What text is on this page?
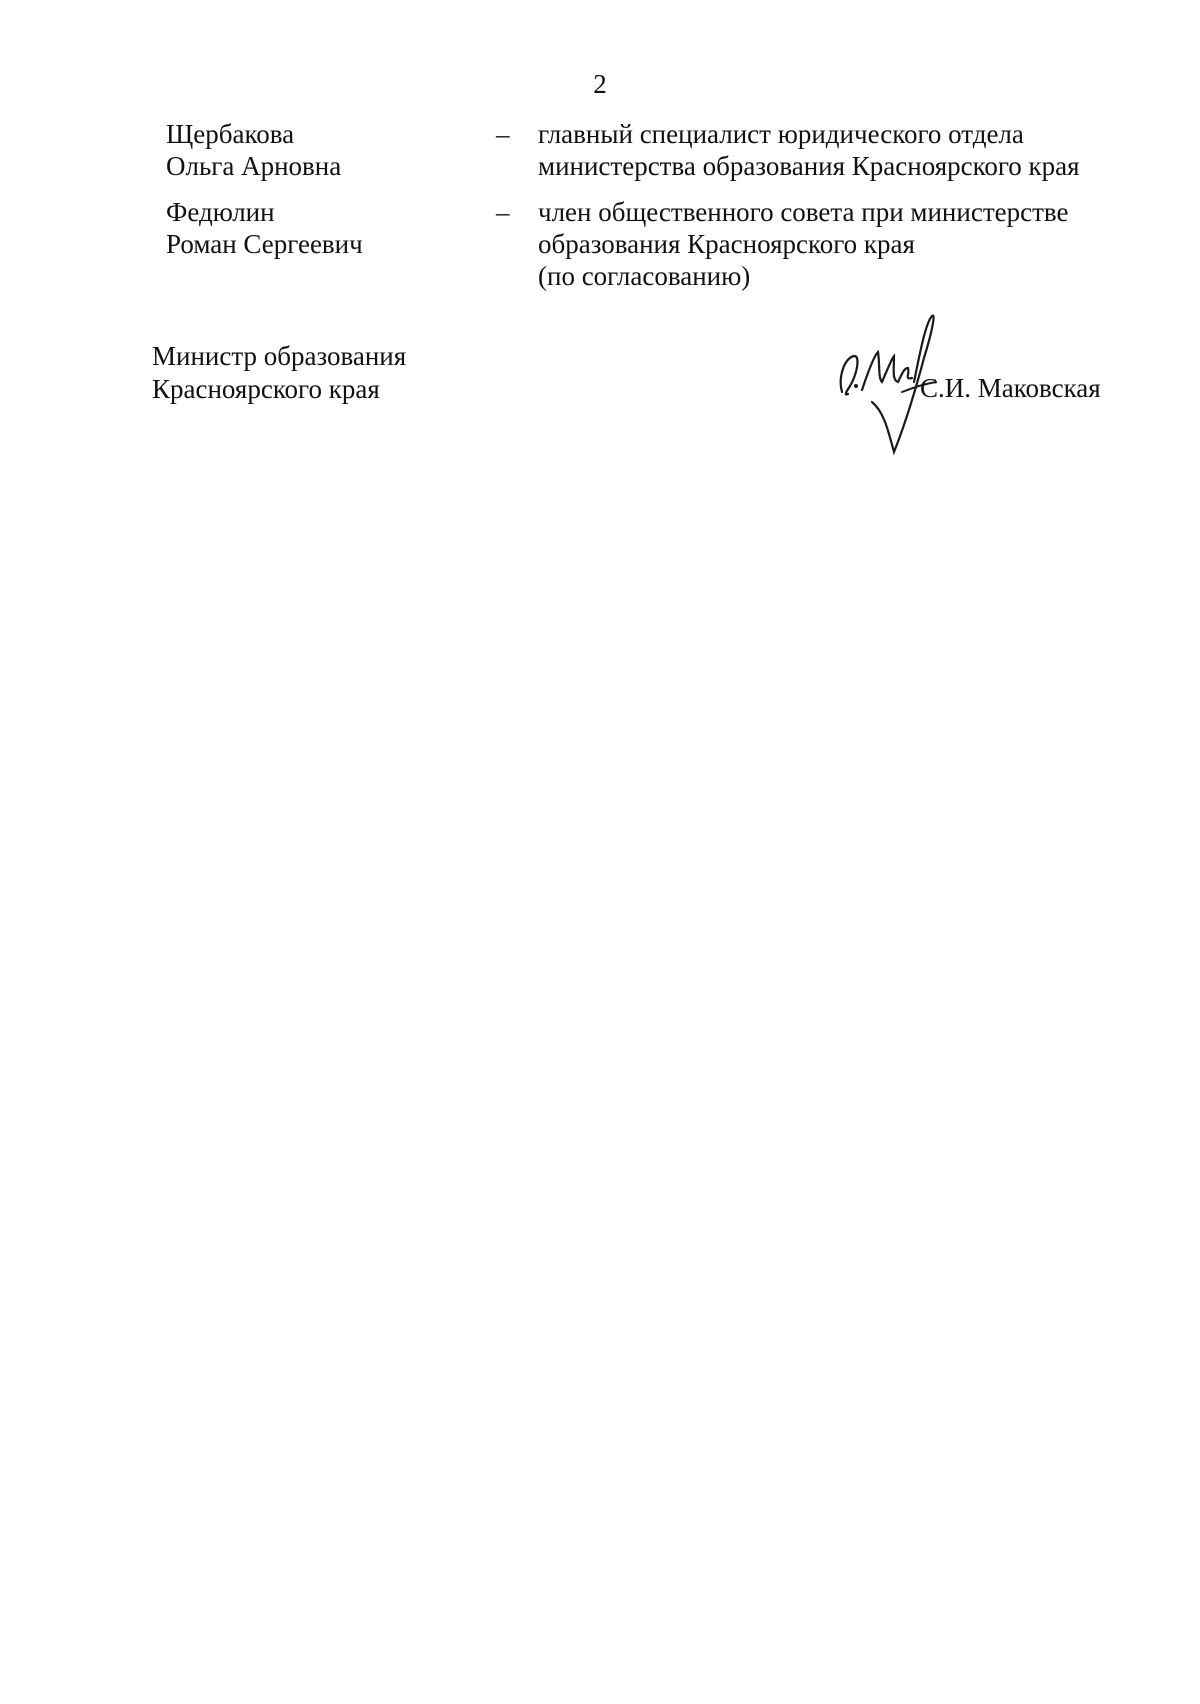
2
Щербакова
Ольга Арновна
– главный специалист юридического отдела
министерства образования Красноярского края
Федюлин
Роман Сергеевич
– член общественного совета при министерстве
образования Красноярского края
(по согласованию)
Министр образования
Красноярского края	С.И. Маковская
